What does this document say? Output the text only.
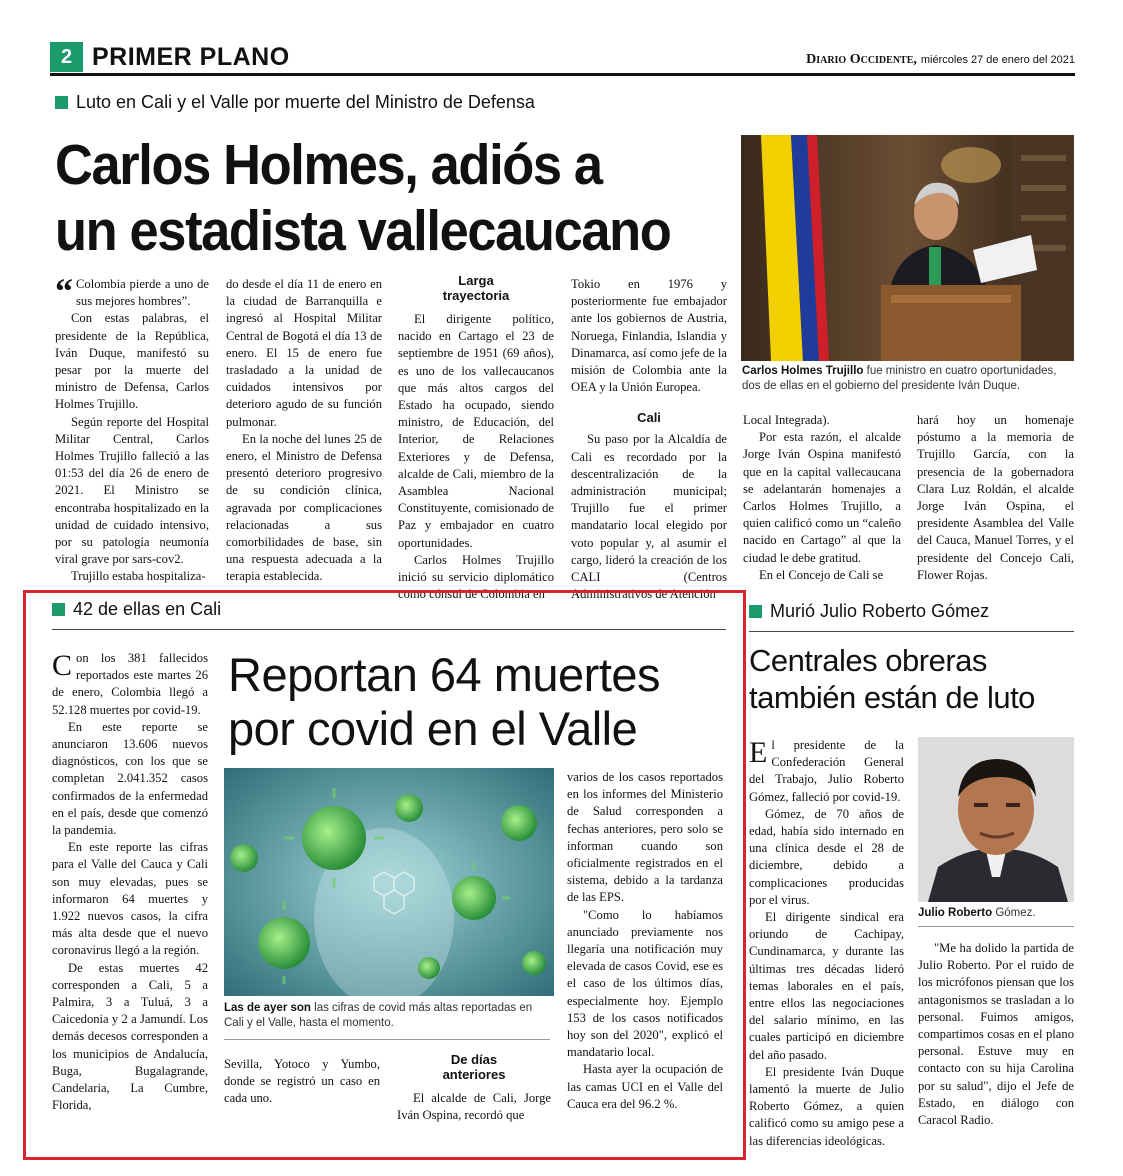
2 PRIMER PLANO	Diario Occidente, miércoles 27 de enero del 2021
Luto en Cali y el Valle por muerte del Ministro de Defensa
Carlos Holmes, adiós a
un estadista vallecaucano
Carlos Holmes Trujillo fue ministro en cuatro oportunidades, dos de ellas en el gobierno del presidente Iván Duque.

“ Colombia pierde a uno de sus mejores hombres”.

Con estas palabras, el presidente de la República, Iván Duque, manifestó su pesar por la muerte del ministro de Defensa, Carlos Holmes Trujillo.

Según reporte del Hospital Militar Central, Carlos Holmes Trujillo falleció a las 01:53 del día 26 de enero de 2021. El Ministro se encontraba hospitalizado en la unidad de cuidado intensivo, por su patología neumonía viral grave por sars-cov2.

Trujillo estaba hospitaliza-

do desde el día 11 de enero en la ciudad de Barranquilla e ingresó al Hospital Militar Central de Bogotá el día 13 de enero. El 15 de enero fue trasladado a la unidad de cuidados intensivos por deterioro agudo de su función pulmonar.

En la noche del lunes 25 de enero, el Ministro de Defensa presentó deterioro progresivo de su condición clínica, agravada por complicaciones relacionadas a sus comorbilidades de base, sin una respuesta adecuada a la terapia establecida.

Larga trayectoria

El dirigente político, nacido en Cartago el 23 de septiembre de 1951 (69 años), es uno de los vallecaucanos que más altos cargos del Estado ha ocupado, siendo ministro, de Educación, del Interior, de Relaciones Exteriores y de Defensa, alcalde de Cali, miembro de la Asamblea Nacional Constituyente, comisionado de Paz y embajador en cuatro oportunidades.

Carlos Holmes Trujillo inició su servicio diplomático como cónsul de Colombia en

Tokio en 1976 y posteriormente fue embajador ante los gobiernos de Austria, Noruega, Finlandia, Islandia y Dinamarca, así como jefe de la misión de Colombia ante la OEA y la Unión Europea.

Cali

Su paso por la Alcaldía de Cali es recordado por la descentralización de la administración municipal; Trujillo fue el primer mandatario local elegido por voto popular y, al asumir el cargo, lideró la creación de los CALI (Centros Administrativos de Atención

Local Integrada).

Por esta razón, el alcalde Jorge Iván Ospina manifestó que en la capital vallecaucana se adelantarán homenajes a Carlos Holmes Trujillo, a quien calificó como un “caleño nacido en Cartago” al que la ciudad le debe gratitud.

En el Concejo de Cali se

hará hoy un homenaje póstumo a la memoria de Trujillo García, con la presencia de la gobernadora Clara Luz Roldán, el alcalde Jorge Iván Ospina, el presidente Asamblea del Valle del Cauca, Manuel Torres, y el presidente del Concejo Cali, Flower Rojas.

42 de ellas en Cali
Reportan 64 muertes
por covid en el Valle
Las de ayer son las cifras de covid más altas reportadas en Cali y el Valle, hasta el momento.

Con los 381 fallecidos reportados este martes 26 de enero, Colombia llegó a 52.128 muertes por covid-19.

En este reporte se anunciaron 13.606 nuevos diagnósticos, con los que se completan 2.041.352 casos confirmados de la enfermedad en el país, desde que comenzó la pandemia.

En este reporte las cifras para el Valle del Cauca y Cali son muy elevadas, pues se informaron 64 muertes y 1.922 nuevos casos, la cifra más alta desde que el nuevo coronavirus llegó a la región.

De estas muertes 42 corresponden a Cali, 5 a Palmira, 3 a Tuluá, 3 a Caicedonia y 2 a Jamundí. Los demás decesos corresponden a los municipios de Andalucía, Buga, Bugalagrande, Candelaria, La Cumbre, Florida,

Sevilla, Yotoco y Yumbo, donde se registró un caso en cada uno.

De días anteriores

El alcalde de Cali, Jorge Iván Ospina, recordó que

varios de los casos reportados en los informes del Ministerio de Salud corresponden a fechas anteriores, pero solo se informan cuando son oficialmente registrados en el sistema, debido a la tardanza de las EPS.

"Como lo habíamos anunciado previamente nos llegaría una notificación muy elevada de casos Covid, ese es el caso de los últimos días, especialmente hoy. Ejemplo 153 de los casos notificados hoy son del 2020", explicó el mandatario local.

Hasta ayer la ocupación de las camas UCI en el Valle del Cauca era del 96.2 %.

Murió Julio Roberto Gómez
Centrales obreras
también están de luto
Julio Roberto Gómez.

El presidente de la Confederación General del Trabajo, Julio Roberto Gómez, falleció por covid-19.

Gómez, de 70 años de edad, había sido internado en una clínica desde el 28 de diciembre, debido a complicaciones producidas por el virus.

El dirigente sindical era oriundo de Cachipay, Cundinamarca, y durante las últimas tres décadas lideró temas laborales en el país, entre ellos las negociaciones del salario mínimo, en las cuales participó en diciembre del año pasado.

El presidente Iván Duque lamentó la muerte de Julio Roberto Gómez, a quien calificó como su amigo pese a las diferencias ideológicas.

"Me ha dolido la partida de Julio Roberto. Por el ruido de los micrófonos piensan que los antagonismos se trasladan a lo personal. Fuimos amigos, compartimos cosas en el plano personal. Estuve muy en contacto con su hija Carolina por su salud", dijo el Jefe de Estado, en diálogo con Caracol Radio.
